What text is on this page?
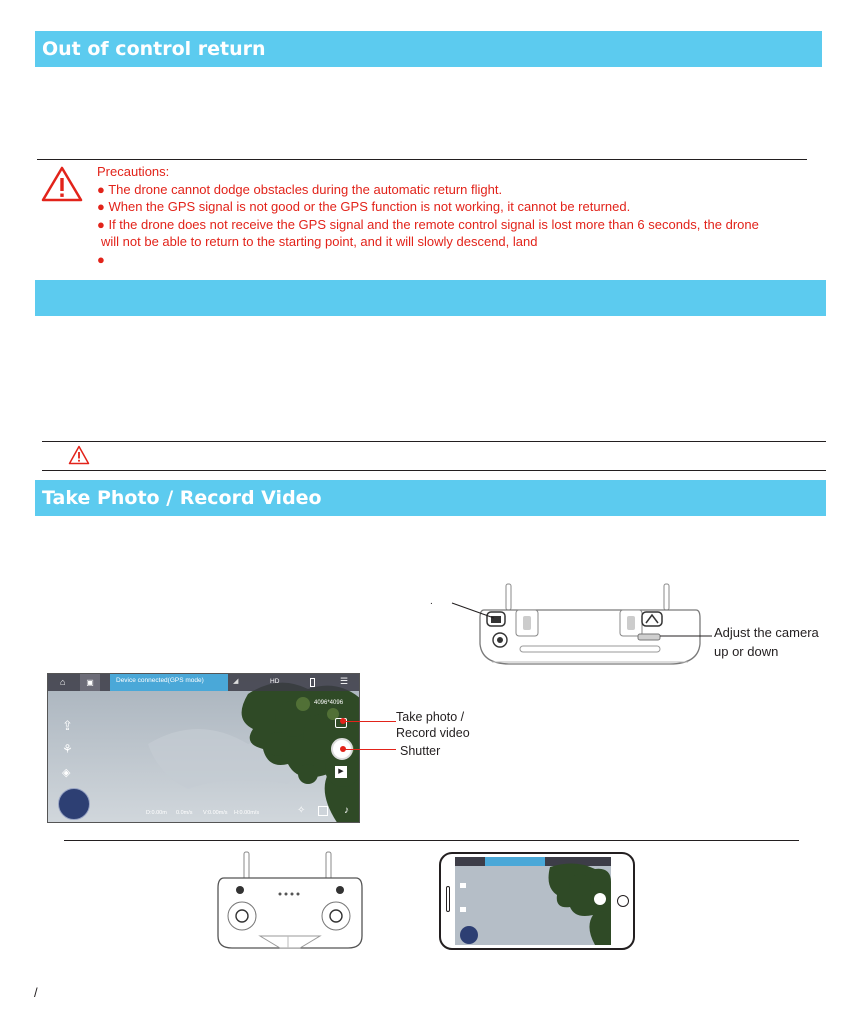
Out of control return

Precautions:

● The drone cannot dodge obstacles during the automatic return flight.

● When the GPS signal is not good or the GPS function is not working, it cannot be returned.

● If the drone does not receive the GPS signal and the remote control signal is lost more than 6 seconds, the drone

will not be able to return to the starting point, and it will slowly descend, land

●

Take Photo / Record Video
.
Adjust the camera
up or down
⌂	▣	Device connected(GPS mode)	◢	HD	☰
4096*4096
⇪
⚘
◈	▶
D:0.00m 0.0m/s V:0.00m/s H:0.00m/s	✧	♪
Take photo /
Record video
Shutter
/
